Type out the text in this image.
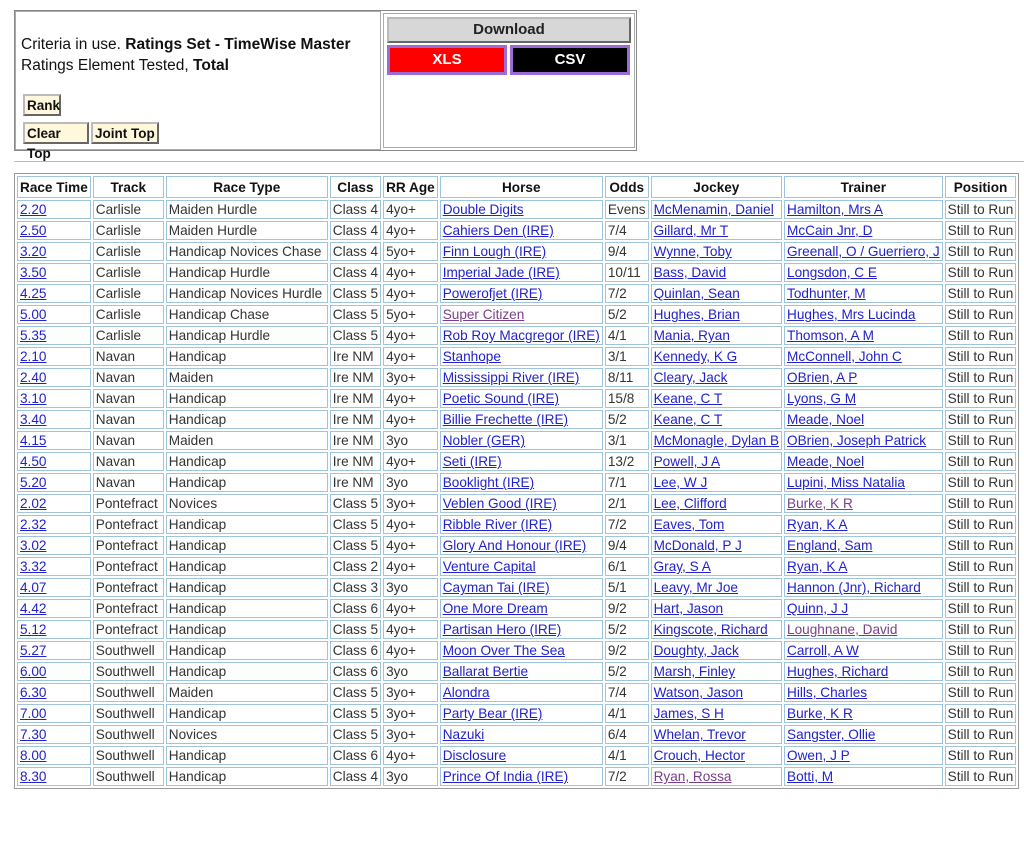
Criteria in use. Ratings Set - TimeWise Master
Ratings Element Tested, Total
Rank
Clear Top
Joint Top
Download
XLS	CSV
Race Time	Track	Race Type	Class	RR Age	Horse	Odds	Jockey	Trainer	Position
2.20	Carlisle	Maiden Hurdle	Class 4	4yo+	Double Digits	Evens	McMenamin, Daniel	Hamilton, Mrs A	Still to Run
2.50	Carlisle	Maiden Hurdle	Class 4	4yo+	Cahiers Den (IRE)	7/4	Gillard, Mr T	McCain Jnr, D	Still to Run
3.20	Carlisle	Handicap Novices Chase	Class 4	5yo+	Finn Lough (IRE)	9/4	Wynne, Toby	Greenall, O / Guerriero, J	Still to Run
3.50	Carlisle	Handicap Hurdle	Class 4	4yo+	Imperial Jade (IRE)	10/11	Bass, David	Longsdon, C E	Still to Run
4.25	Carlisle	Handicap Novices Hurdle	Class 5	4yo+	Powerofjet (IRE)	7/2	Quinlan, Sean	Todhunter, M	Still to Run
5.00	Carlisle	Handicap Chase	Class 5	5yo+	Super Citizen	5/2	Hughes, Brian	Hughes, Mrs Lucinda	Still to Run
5.35	Carlisle	Handicap Hurdle	Class 5	4yo+	Rob Roy Macgregor (IRE)	4/1	Mania, Ryan	Thomson, A M	Still to Run
2.10	Navan	Handicap	Ire NM	4yo+	Stanhope	3/1	Kennedy, K G	McConnell, John C	Still to Run
2.40	Navan	Maiden	Ire NM	3yo+	Mississippi River (IRE)	8/11	Cleary, Jack	OBrien, A P	Still to Run
3.10	Navan	Handicap	Ire NM	4yo+	Poetic Sound (IRE)	15/8	Keane, C T	Lyons, G M	Still to Run
3.40	Navan	Handicap	Ire NM	4yo+	Billie Frechette (IRE)	5/2	Keane, C T	Meade, Noel	Still to Run
4.15	Navan	Maiden	Ire NM	3yo	Nobler (GER)	3/1	McMonagle, Dylan B	OBrien, Joseph Patrick	Still to Run
4.50	Navan	Handicap	Ire NM	4yo+	Seti (IRE)	13/2	Powell, J A	Meade, Noel	Still to Run
5.20	Navan	Handicap	Ire NM	3yo	Booklight (IRE)	7/1	Lee, W J	Lupini, Miss Natalia	Still to Run
2.02	Pontefract	Novices	Class 5	3yo+	Veblen Good (IRE)	2/1	Lee, Clifford	Burke, K R	Still to Run
2.32	Pontefract	Handicap	Class 5	4yo+	Ribble River (IRE)	7/2	Eaves, Tom	Ryan, K A	Still to Run
3.02	Pontefract	Handicap	Class 5	4yo+	Glory And Honour (IRE)	9/4	McDonald, P J	England, Sam	Still to Run
3.32	Pontefract	Handicap	Class 2	4yo+	Venture Capital	6/1	Gray, S A	Ryan, K A	Still to Run
4.07	Pontefract	Handicap	Class 3	3yo	Cayman Tai (IRE)	5/1	Leavy, Mr Joe	Hannon (Jnr), Richard	Still to Run
4.42	Pontefract	Handicap	Class 6	4yo+	One More Dream	9/2	Hart, Jason	Quinn, J J	Still to Run
5.12	Pontefract	Handicap	Class 5	4yo+	Partisan Hero (IRE)	5/2	Kingscote, Richard	Loughnane, David	Still to Run
5.27	Southwell	Handicap	Class 6	4yo+	Moon Over The Sea	9/2	Doughty, Jack	Carroll, A W	Still to Run
6.00	Southwell	Handicap	Class 6	3yo	Ballarat Bertie	5/2	Marsh, Finley	Hughes, Richard	Still to Run
6.30	Southwell	Maiden	Class 5	3yo+	Alondra	7/4	Watson, Jason	Hills, Charles	Still to Run
7.00	Southwell	Handicap	Class 5	3yo+	Party Bear (IRE)	4/1	James, S H	Burke, K R	Still to Run
7.30	Southwell	Novices	Class 5	3yo+	Nazuki	6/4	Whelan, Trevor	Sangster, Ollie	Still to Run
8.00	Southwell	Handicap	Class 6	4yo+	Disclosure	4/1	Crouch, Hector	Owen, J P	Still to Run
8.30	Southwell	Handicap	Class 4	3yo	Prince Of India (IRE)	7/2	Ryan, Rossa	Botti, M	Still to Run
